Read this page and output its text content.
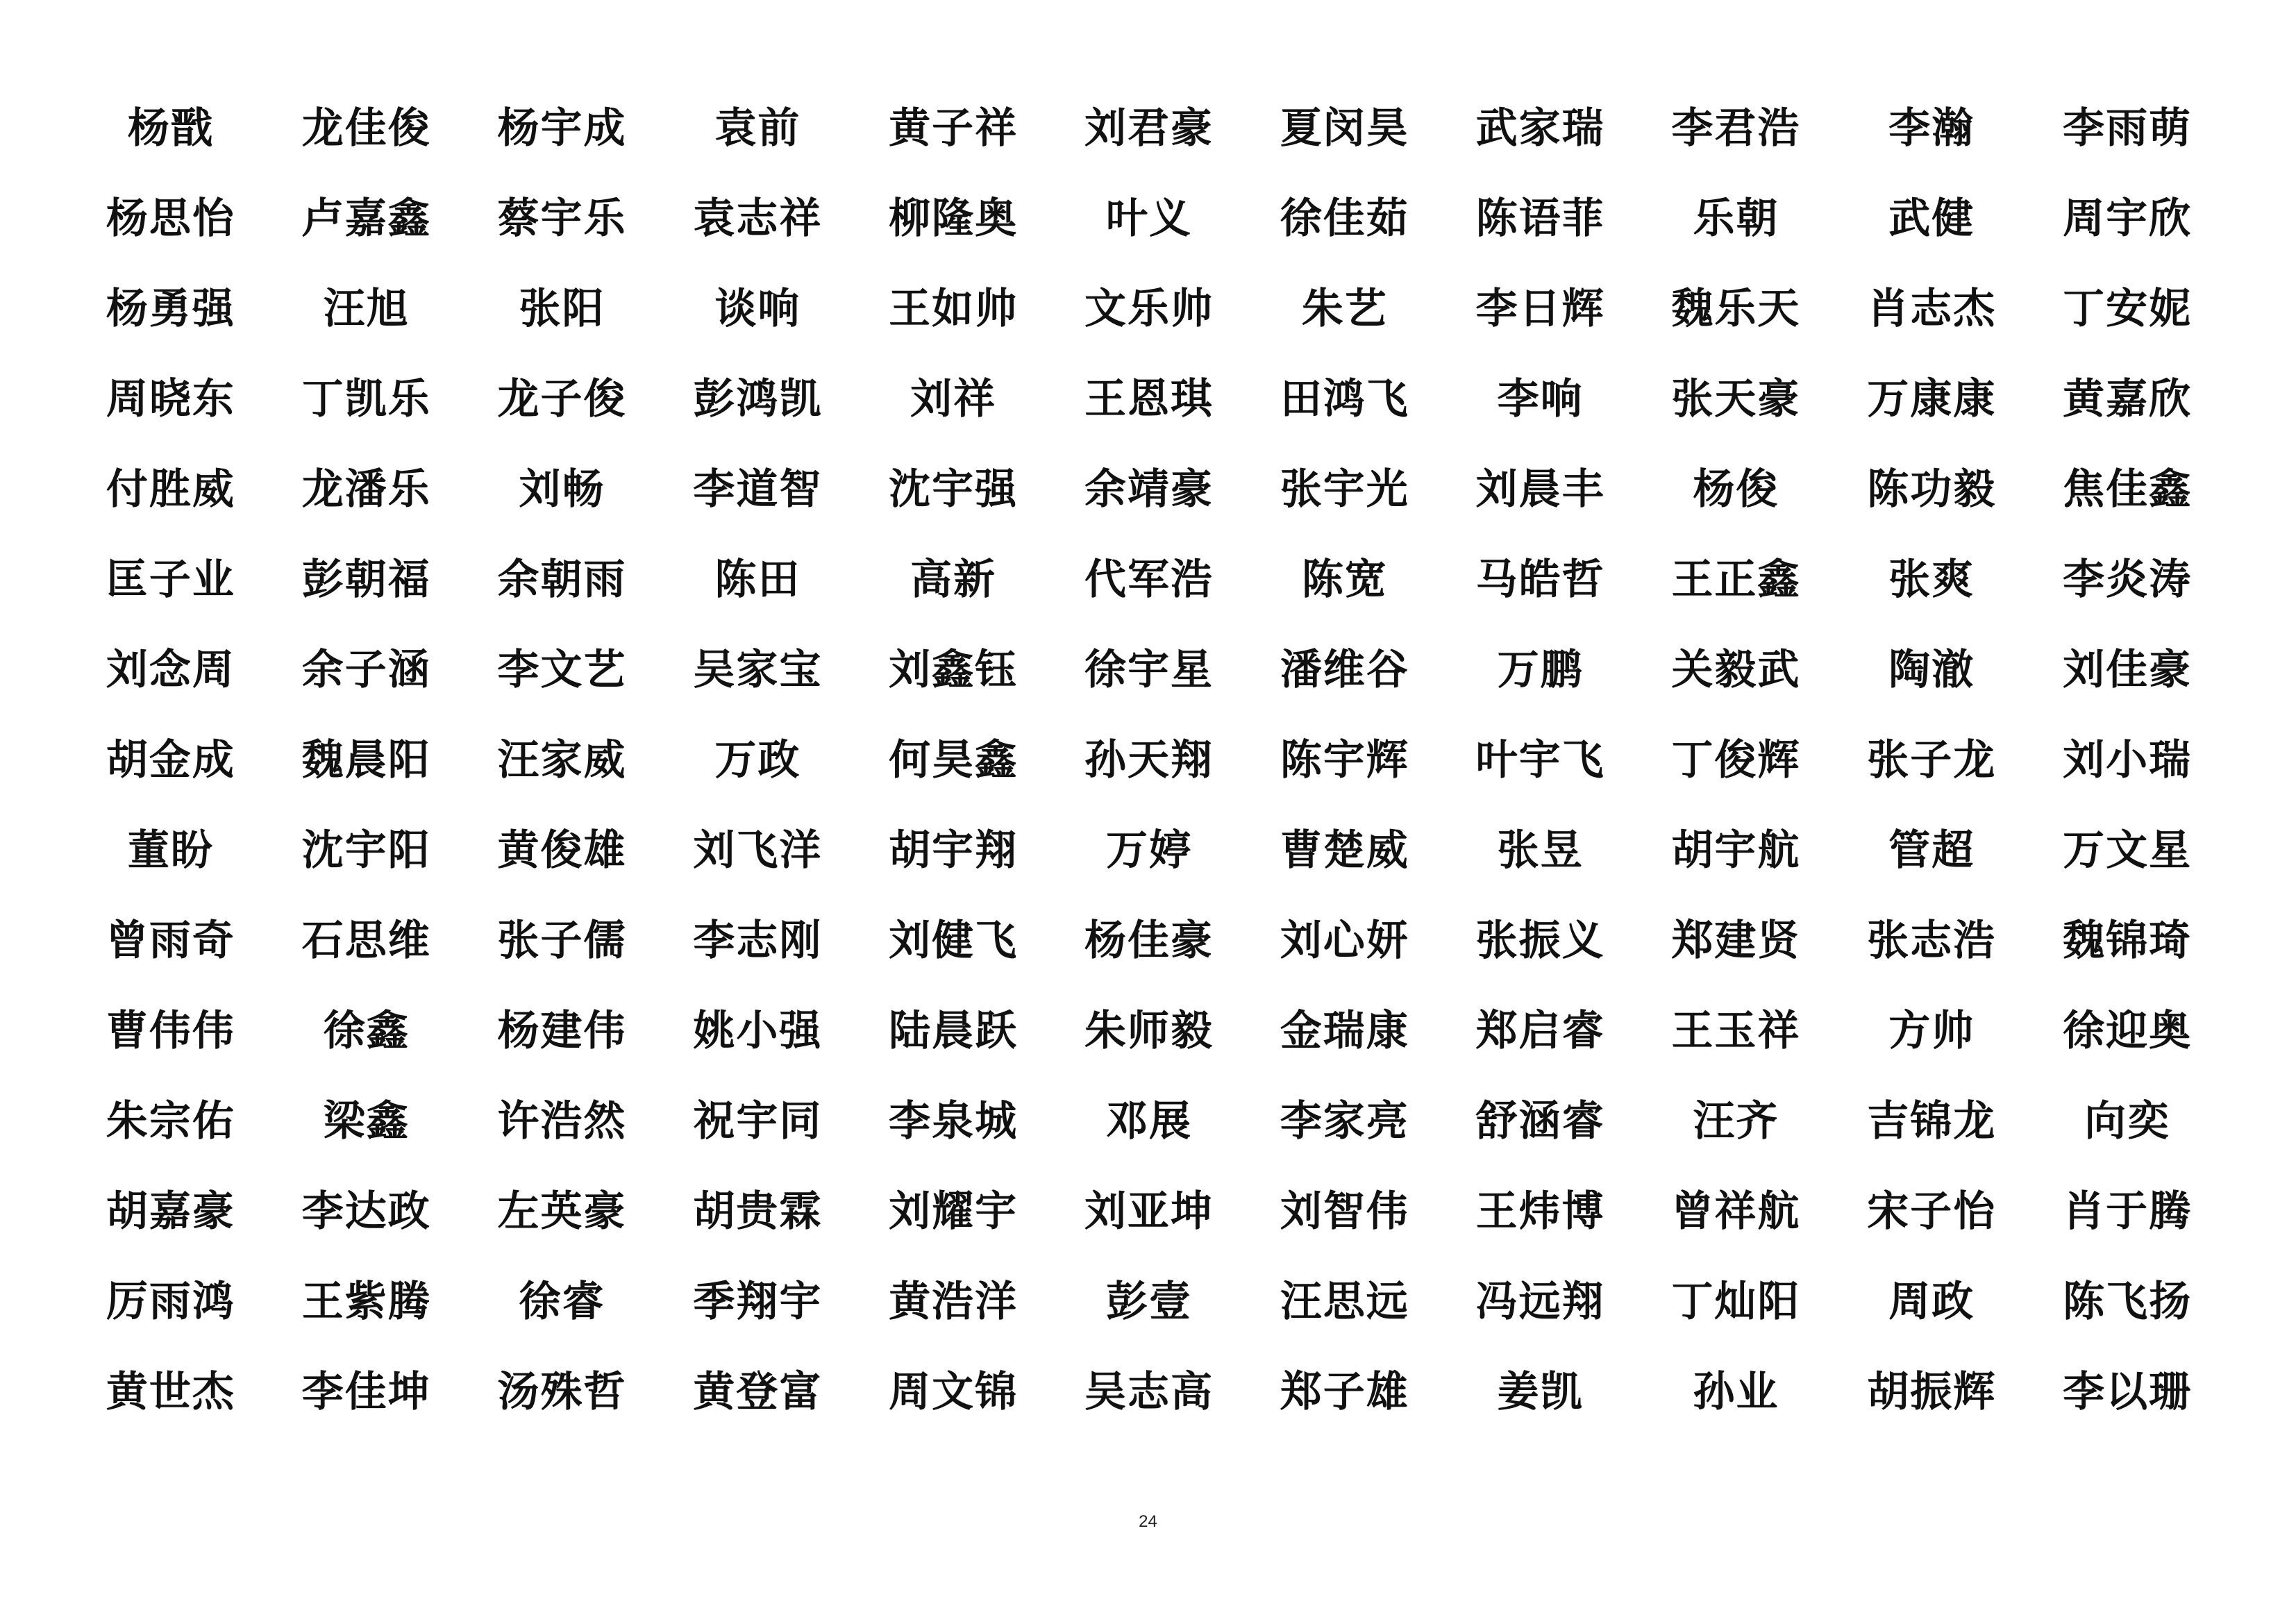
杨戬 龙佳俊 杨宇成 袁前 黄子祥 刘君豪 夏闵昊 武家瑞 李君浩 李瀚 李雨萌
杨思怡 卢嘉鑫 蔡宇乐 袁志祥 柳隆奥 叶义 徐佳茹 陈语菲 乐朝	武健 周宇欣
杨勇强 汪旭	张阳	谈响 王如帅 文乐帅 朱艺 李日辉 魏乐天 肖志杰 丁安妮
周晓东 丁凯乐 龙子俊 彭鸿凯 刘祥 王恩琪 田鸿飞 李响 张天豪 万康康 黄嘉欣
付胜威 龙潘乐 刘畅 李道智 沈宇强 余靖豪 张宇光 刘晨丰 杨俊 陈功毅 焦佳鑫
匡子业 彭朝福 余朝雨 陈田	高新 代军浩 陈宽 马皓哲 王正鑫 张爽 李炎涛
刘念周 余子涵 李文艺 吴家宝 刘鑫钰 徐宇星 潘维谷 万鹏 关毅武 陶澈 刘佳豪
胡金成 魏晨阳 汪家威 万政 何昊鑫 孙天翔 陈宇辉 叶宇飞 丁俊辉 张子龙 刘小瑞
董盼 沈宇阳 黄俊雄 刘飞洋 胡宇翔 万婷 曹楚威 张昱 胡宇航 管超 万文星
曾雨奇 石思维 张子儒 李志刚 刘健飞 杨佳豪 刘心妍 张振义 郑建贤 张志浩 魏锦琦
曹伟伟 徐鑫 杨建伟 姚小强 陆晨跃 朱师毅 金瑞康 郑启睿 王玉祥 方帅 徐迎奥
朱宗佑 梁鑫 许浩然 祝宇同 李泉城 邓展 李家亮 舒涵睿 汪齐 吉锦龙 向奕
胡嘉豪 李达政 左英豪 胡贵霖 刘耀宇 刘亚坤 刘智伟 王炜博 曾祥航 宋子怡 肖于腾
厉雨鸿 王紫腾 徐睿 季翔宇 黄浩洋 彭壹 汪思远 冯远翔 丁灿阳 周政 陈飞扬
黄世杰 李佳坤 汤殊哲 黄登富 周文锦 吴志高 郑子雄 姜凯	孙业 胡振辉 李以珊
24
